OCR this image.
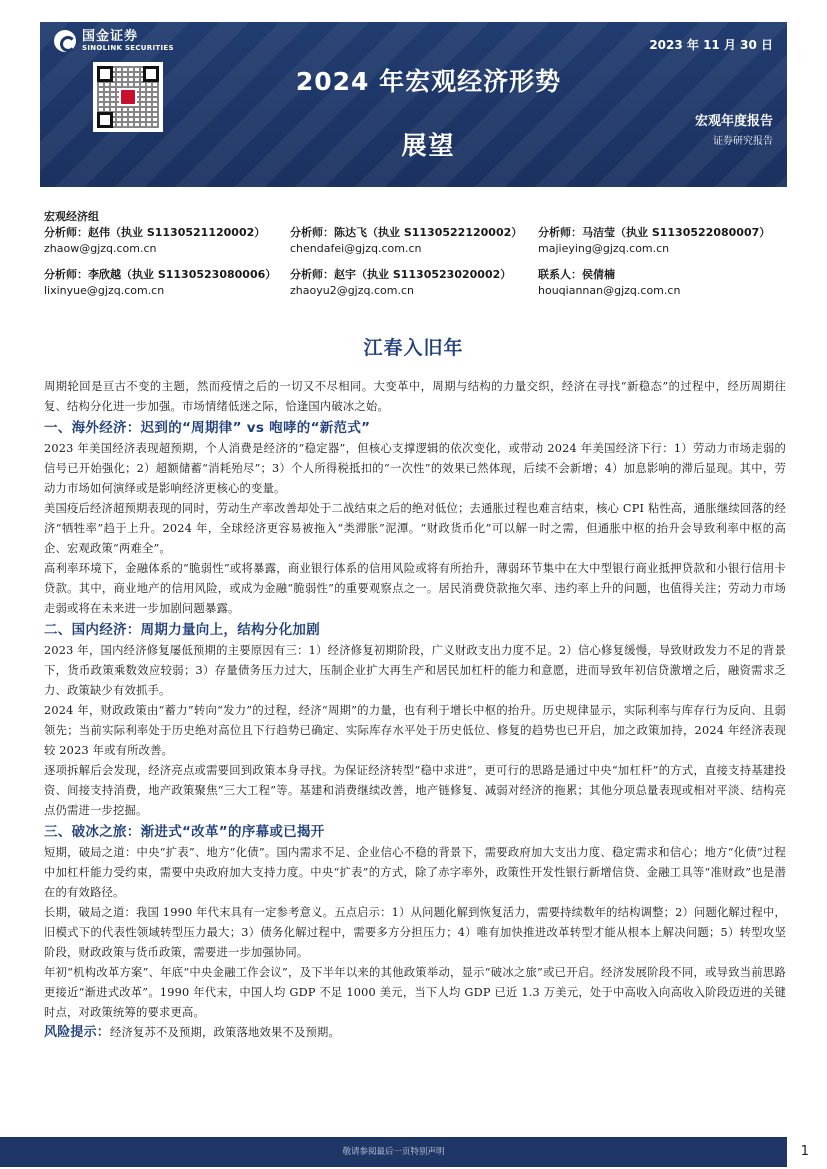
国金证券
SINOLINK SECURITIES	2023 年 11 月 30 日
2024 年宏观经济形势
展望
宏观年度报告
证券研究报告
宏观经济组
分析师：赵伟（执业 S1130521120002）
zhaow@gjzq.com.cn
分析师：陈达飞（执业 S1130522120002）
chendafei@gjzq.com.cn
分析师：马洁莹（执业 S1130522080007）
majieying@gjzq.com.cn
分析师：李欣越（执业 S1130523080006）
lixinyue@gjzq.com.cn
分析师：赵宇（执业 S1130523020002）
zhaoyu2@gjzq.com.cn
联系人：侯倩楠
houqiannan@gjzq.com.cn
江春入旧年

周期轮回是亘古不变的主题，然而疫情之后的一切又不尽相同。大变革中，周期与结构的力量交织，经济在寻找“新稳态”的过程中，经历周期往复、结构分化进一步加强。市场情绪低迷之际，恰逢国内破冰之始。

一、海外经济：迟到的“周期律” vs 咆哮的“新范式”

2023 年美国经济表现超预期，个人消费是经济的“稳定器”，但核心支撑逻辑的依次变化，或带动 2024 年美国经济下行：1）劳动力市场走弱的信号已开始强化；2）超额储蓄“消耗殆尽”；3）个人所得税抵扣的“一次性”的效果已然体现，后续不会新增；4）加息影响的滞后显现。其中，劳动力市场如何演绎或是影响经济更核心的变量。

美国疫后经济超预期表现的同时，劳动生产率改善却处于二战结束之后的绝对低位；去通胀过程也难言结束，核心 CPI 粘性高，通胀继续回落的经济“牺牲率”趋于上升。2024 年，全球经济更容易被拖入“类滞胀”泥潭。“财政货币化”可以解一时之需，但通胀中枢的抬升会导致利率中枢的高企、宏观政策“两难全”。

高利率环境下，金融体系的“脆弱性”或将暴露，商业银行体系的信用风险或将有所抬升，薄弱环节集中在大中型银行商业抵押贷款和小银行信用卡贷款。其中，商业地产的信用风险，或成为金融“脆弱性”的重要观察点之一。居民消费贷款拖欠率、违约率上升的问题，也值得关注；劳动力市场走弱或将在未来进一步加剧问题暴露。

二、国内经济：周期力量向上，结构分化加剧

2023 年，国内经济修复屡低预期的主要原因有三：1）经济修复初期阶段，广义财政支出力度不足。2）信心修复缓慢，导致财政发力不足的背景下，货币政策乘数效应较弱；3）存量债务压力过大，压制企业扩大再生产和居民加杠杆的能力和意愿，进而导致年初信贷激增之后，融资需求乏力、政策缺少有效抓手。

2024 年，财政政策由“蓄力”转向“发力”的过程，经济“周期”的力量，也有利于增长中枢的抬升。历史规律显示，实际利率与库存行为反向、且弱领先；当前实际利率处于历史绝对高位且下行趋势已确定、实际库存水平处于历史低位、修复的趋势也已开启，加之政策加持，2024 年经济表现较 2023 年或有所改善。

逐项拆解后会发现，经济亮点或需要回到政策本身寻找。为保证经济转型“稳中求进”，更可行的思路是通过中央“加杠杆”的方式，直接支持基建投资、间接支持消费，地产政策聚焦“三大工程”等。基建和消费继续改善，地产链修复、减弱对经济的拖累；其他分项总量表现或相对平淡、结构亮点仍需进一步挖掘。

三、破冰之旅：渐进式“改革”的序幕或已揭开

短期，破局之道：中央“扩表”、地方“化债”。国内需求不足、企业信心不稳的背景下，需要政府加大支出力度、稳定需求和信心；地方“化债”过程中加杠杆能力受约束，需要中央政府加大支持力度。中央“扩表”的方式，除了赤字率外，政策性开发性银行新增信贷、金融工具等“准财政”也是潜在的有效路径。

长期，破局之道：我国 1990 年代末具有一定参考意义。五点启示：1）从问题化解到恢复活力，需要持续数年的结构调整；2）问题化解过程中，旧模式下的代表性领域转型压力最大；3）债务化解过程中，需要多方分担压力；4）唯有加快推进改革转型才能从根本上解决问题；5）转型攻坚阶段，财政政策与货币政策，需要进一步加强协同。

年初“机构改革方案”、年底“中央金融工作会议”，及下半年以来的其他政策举动，显示“破冰之旅”或已开启。经济发展阶段不同，或导致当前思路更接近“渐进式改革”。1990 年代末，中国人均 GDP 不足 1000 美元，当下人均 GDP 已近 1.3 万美元，处于中高收入向高收入阶段迈进的关键时点，对政策统筹的要求更高。

风险提示：经济复苏不及预期，政策落地效果不及预期。

敬请参阅最后一页特别声明	1
